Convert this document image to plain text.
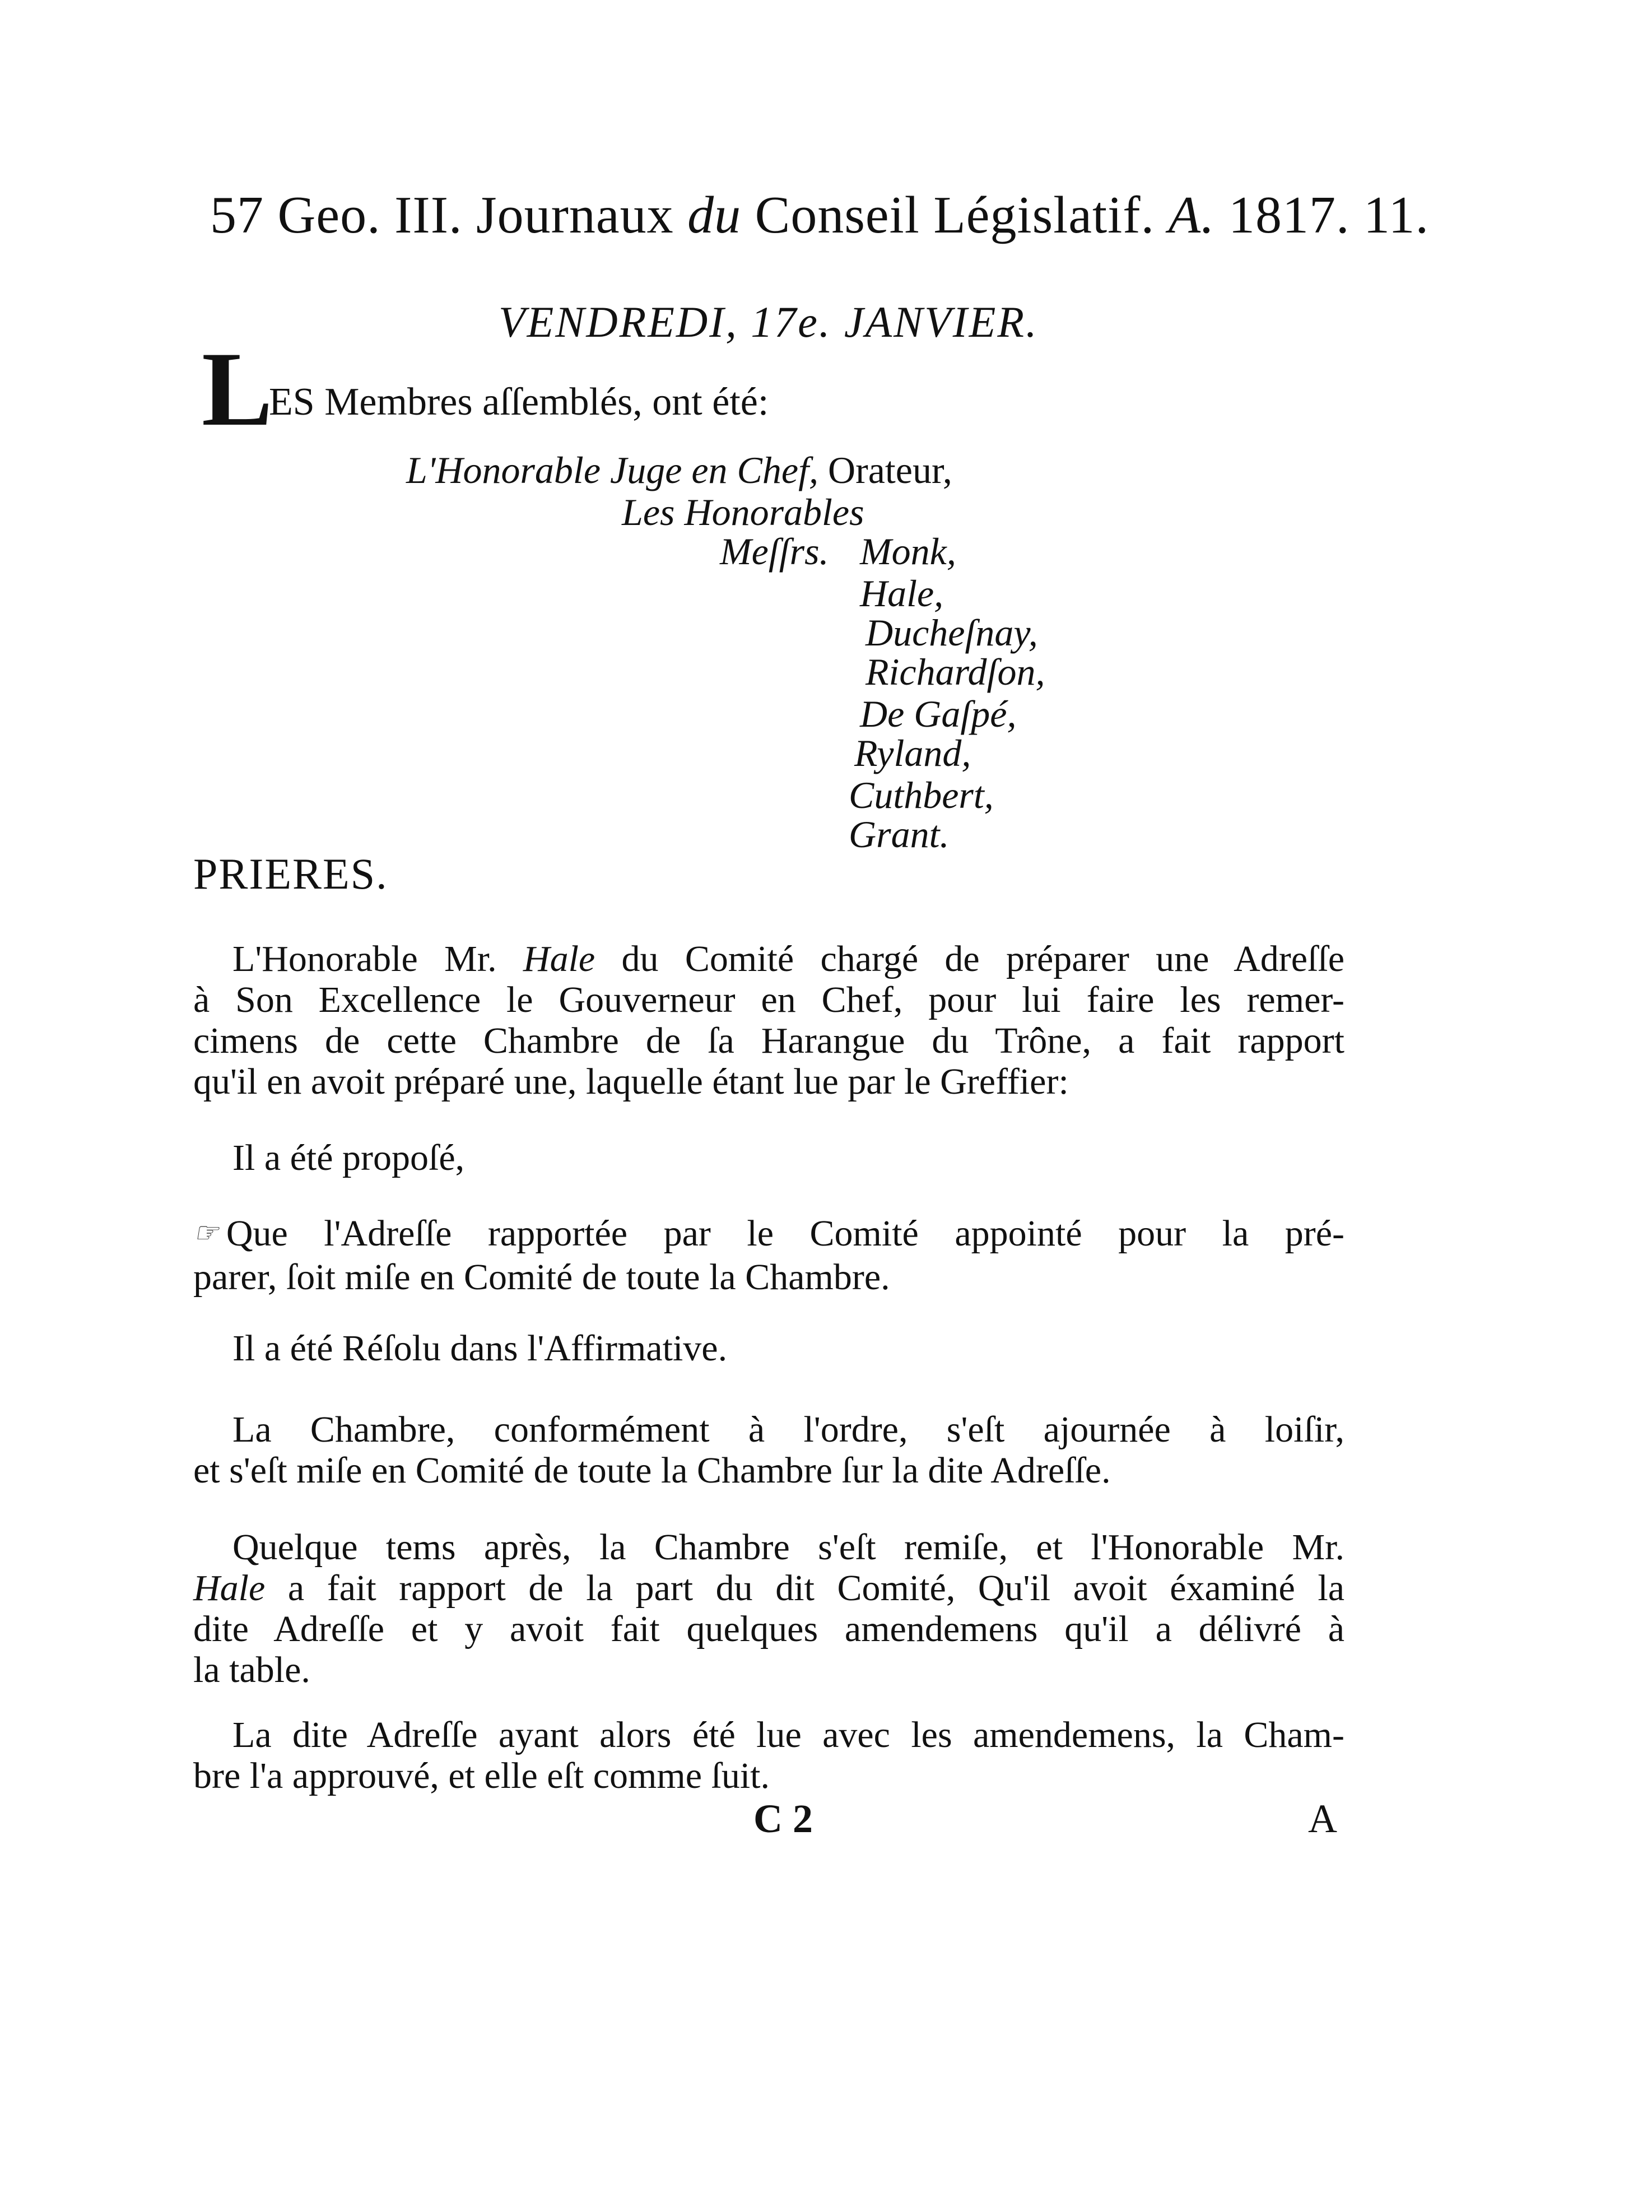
57 Geo. III. Journaux du Conseil Législatif. A. 1817. 11.
VENDREDI, 17e. JANVIER.
L
ES Membres aſſemblés, ont été:
L'Honorable Juge en Chef, Orateur,
Les Honorables
Meſſrs. Monk,
Hale,
Ducheſnay,
Richardſon,
De Gaſpé,
Ryland,
Cuthbert,
Grant.
PRIERES.
L'Honorable Mr. Hale du Comité chargé de préparer une Adreſſe
à Son Excellence le Gouverneur en Chef, pour lui faire les remer-
cimens de cette Chambre de ſa Harangue du Trône, a fait rapport
qu'il en avoit préparé une, laquelle étant lue par le Greffier:
Il a été propoſé,
☞ Que l'Adreſſe rapportée par le Comité appointé pour la pré-
parer, ſoit miſe en Comité de toute la Chambre.
Il a été Réſolu dans l'Affirmative.
La Chambre, conformément à l'ordre, s'eſt ajournée à loiſir,
et s'eſt miſe en Comité de toute la Chambre ſur la dite Adreſſe.
Quelque tems après, la Chambre s'eſt remiſe, et l'Honorable Mr.
Hale a fait rapport de la part du dit Comité, Qu'il avoit éxaminé la
dite Adreſſe et y avoit fait quelques amendemens qu'il a délivré à
la table.
La dite Adreſſe ayant alors été lue avec les amendemens, la Cham-
bre l'a approuvé, et elle eſt comme ſuit.
C 2	A
